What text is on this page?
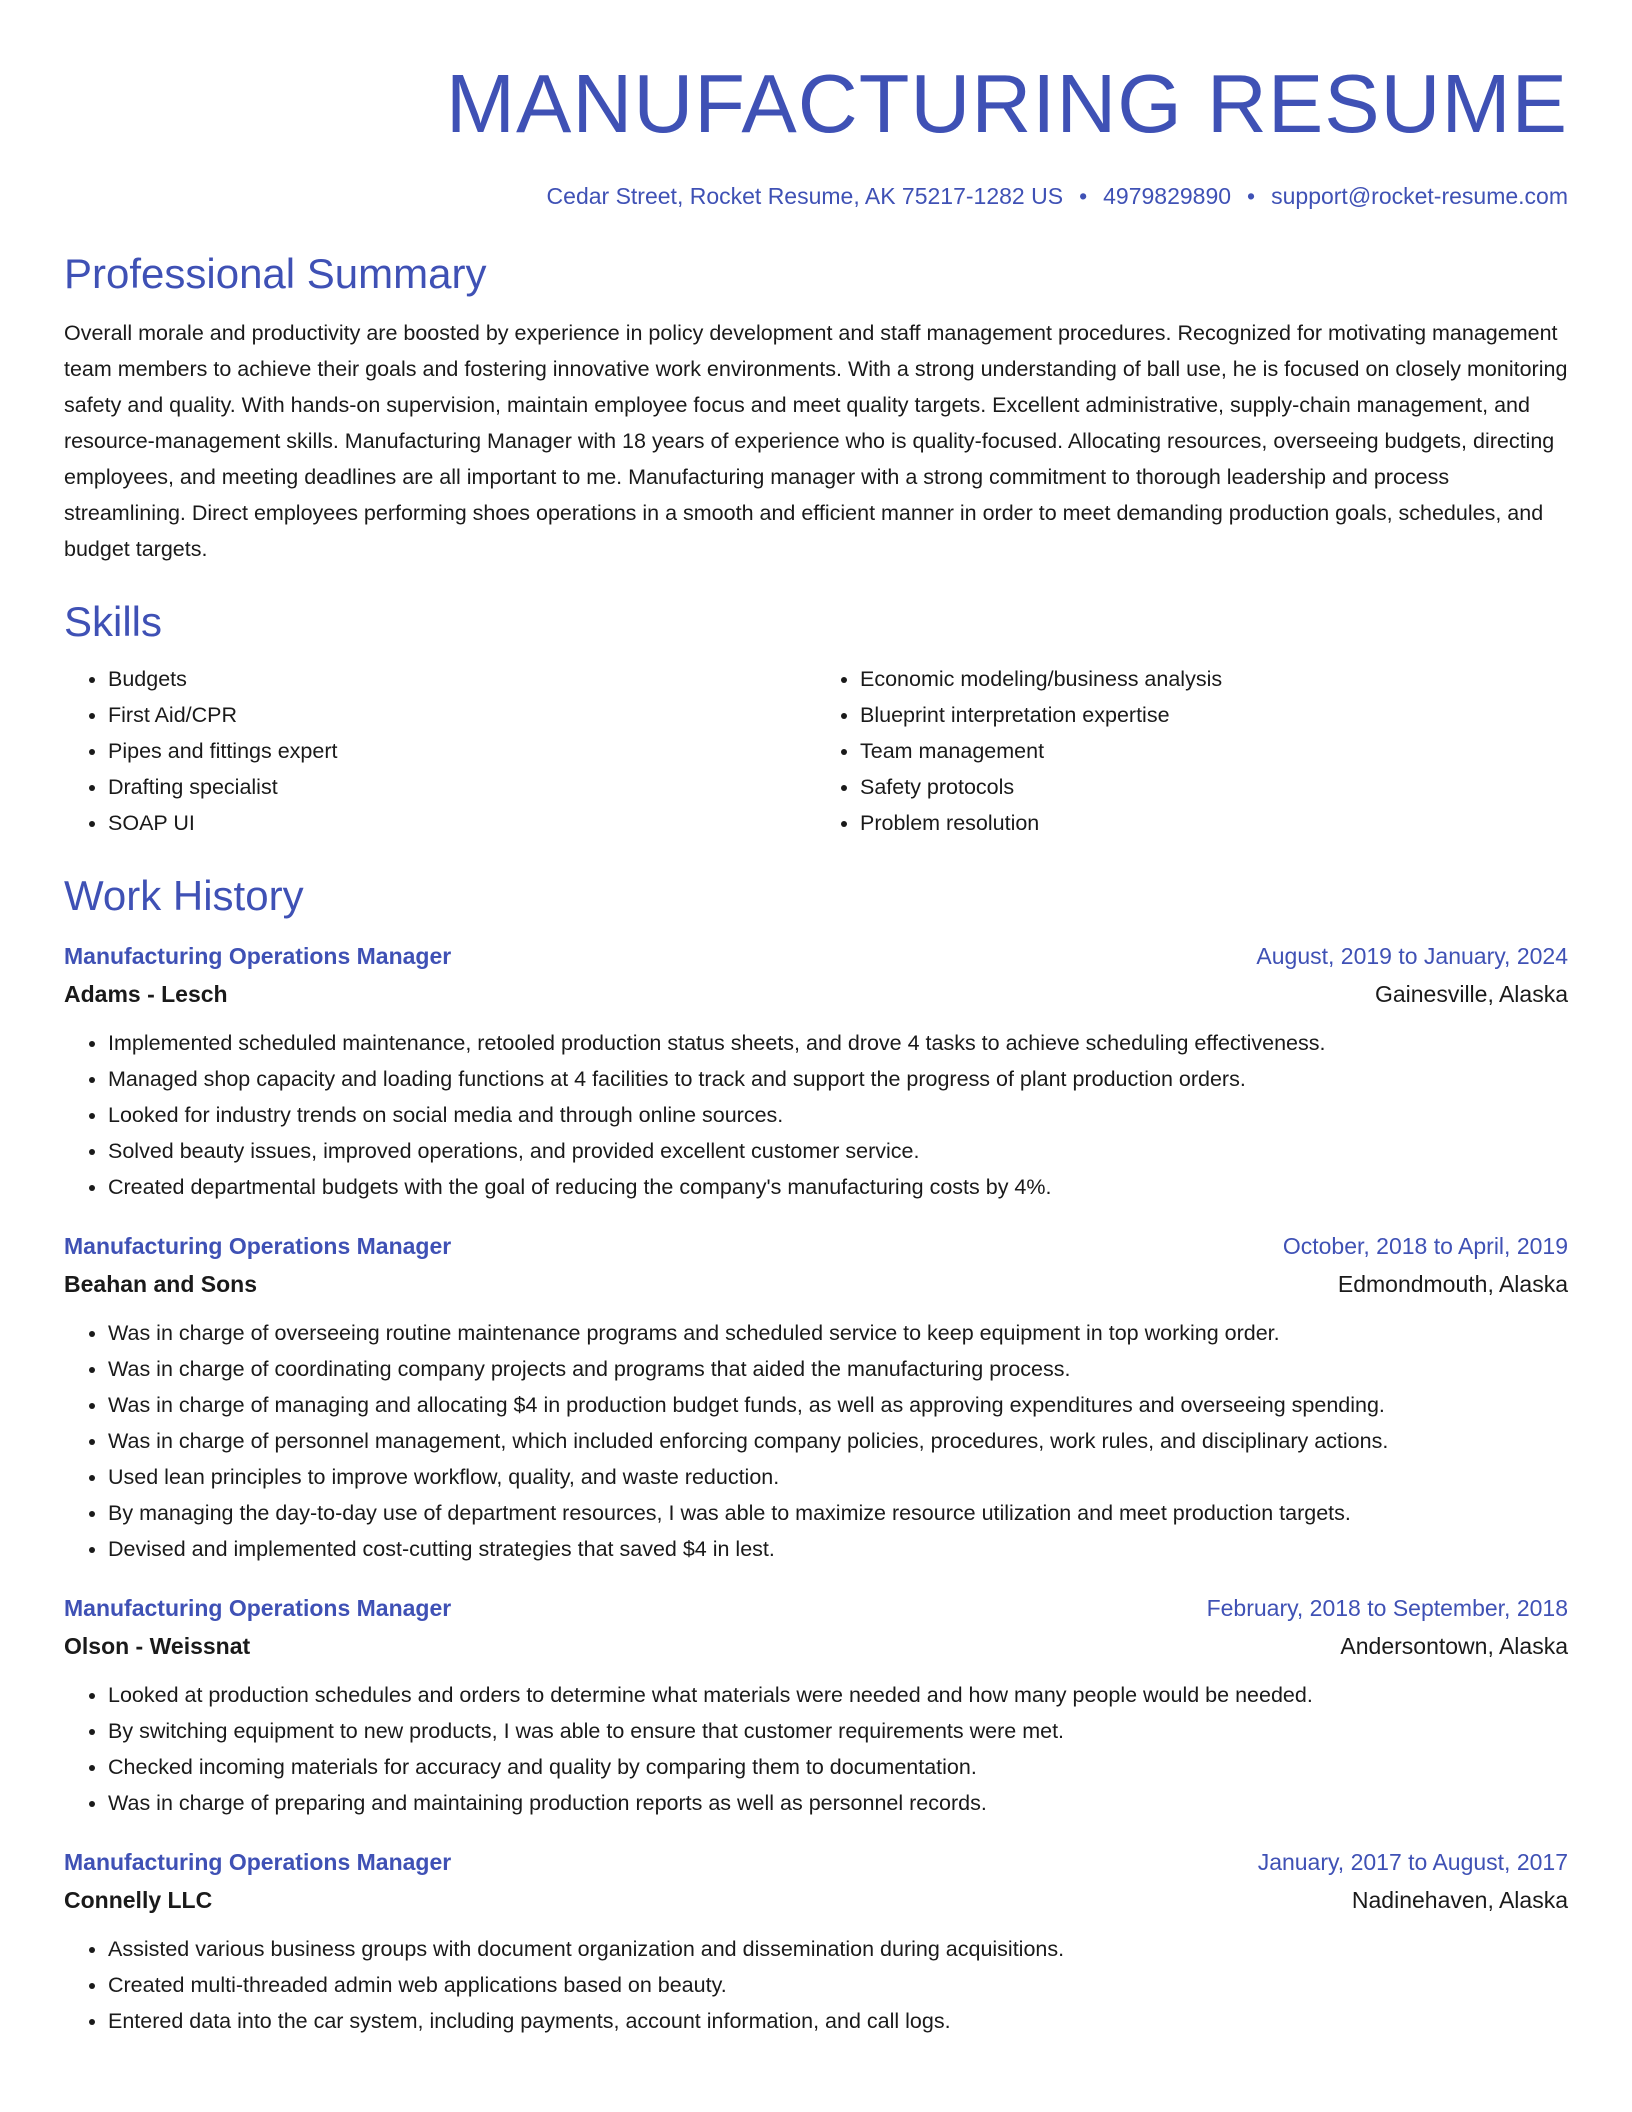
MANUFACTURING RESUME
Cedar Street, Rocket Resume, AK 75217-1282 US • 4979829890 • support@rocket-resume.com
Professional Summary
Overall morale and productivity are boosted by experience in policy development and staff management procedures. Recognized for motivating management team members to achieve their goals and fostering innovative work environments. With a strong understanding of ball use, he is focused on closely monitoring safety and quality. With hands-on supervision, maintain employee focus and meet quality targets. Excellent administrative, supply-chain management, and resource-management skills. Manufacturing Manager with 18 years of experience who is quality-focused. Allocating resources, overseeing budgets, directing employees, and meeting deadlines are all important to me. Manufacturing manager with a strong commitment to thorough leadership and process streamlining. Direct employees performing shoes operations in a smooth and efficient manner in order to meet demanding production goals, schedules, and budget targets.
Skills
• Budgets
• First Aid/CPR
• Pipes and fittings expert
• Drafting specialist
• SOAP UI
• Economic modeling/business analysis
• Blueprint interpretation expertise
• Team management
• Safety protocols
• Problem resolution
Work History
Manufacturing Operations Manager	August, 2019 to January, 2024
Adams - Lesch	Gainesville, Alaska
• Implemented scheduled maintenance, retooled production status sheets, and drove 4 tasks to achieve scheduling effectiveness.
• Managed shop capacity and loading functions at 4 facilities to track and support the progress of plant production orders.
• Looked for industry trends on social media and through online sources.
• Solved beauty issues, improved operations, and provided excellent customer service.
• Created departmental budgets with the goal of reducing the company's manufacturing costs by 4%.
Manufacturing Operations Manager	October, 2018 to April, 2019
Beahan and Sons	Edmondmouth, Alaska
• Was in charge of overseeing routine maintenance programs and scheduled service to keep equipment in top working order.
• Was in charge of coordinating company projects and programs that aided the manufacturing process.
• Was in charge of managing and allocating $4 in production budget funds, as well as approving expenditures and overseeing spending.
• Was in charge of personnel management, which included enforcing company policies, procedures, work rules, and disciplinary actions.
• Used lean principles to improve workflow, quality, and waste reduction.
• By managing the day-to-day use of department resources, I was able to maximize resource utilization and meet production targets.
• Devised and implemented cost-cutting strategies that saved $4 in lest.
Manufacturing Operations Manager	February, 2018 to September, 2018
Olson - Weissnat	Andersontown, Alaska
• Looked at production schedules and orders to determine what materials were needed and how many people would be needed.
• By switching equipment to new products, I was able to ensure that customer requirements were met.
• Checked incoming materials for accuracy and quality by comparing them to documentation.
• Was in charge of preparing and maintaining production reports as well as personnel records.
Manufacturing Operations Manager	January, 2017 to August, 2017
Connelly LLC	Nadinehaven, Alaska
• Assisted various business groups with document organization and dissemination during acquisitions.
• Created multi-threaded admin web applications based on beauty.
• Entered data into the car system, including payments, account information, and call logs.
